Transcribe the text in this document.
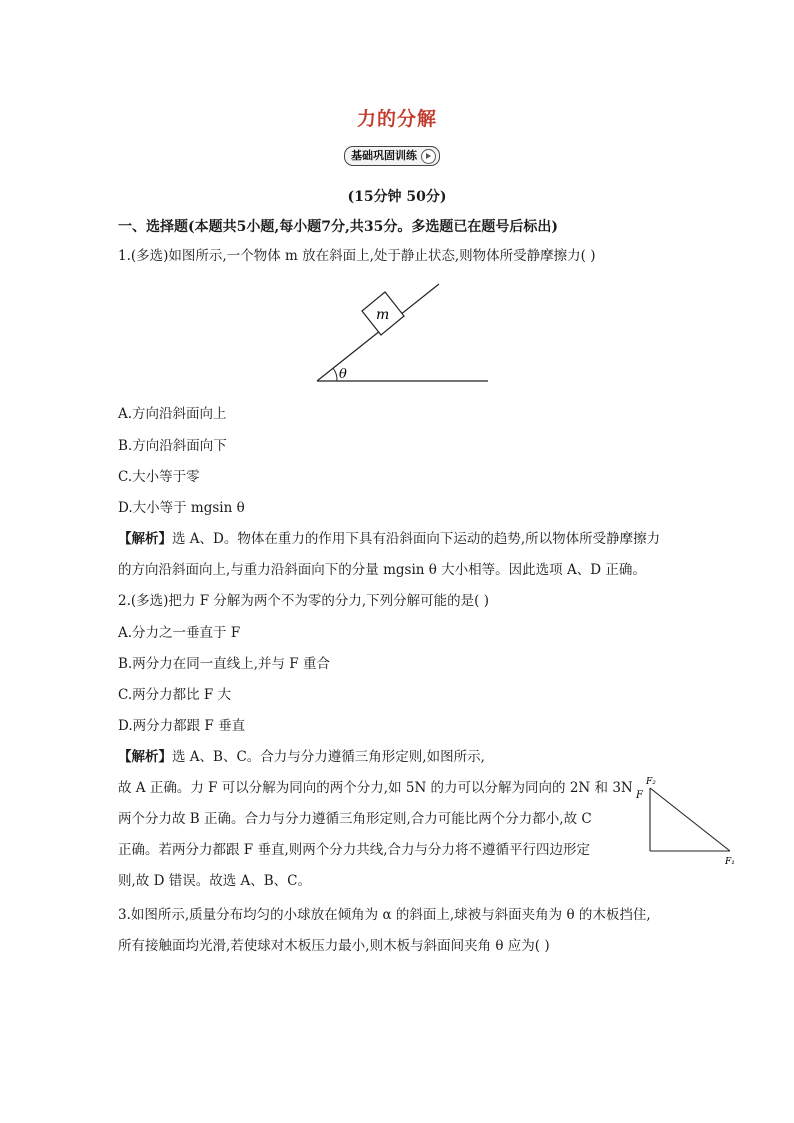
力的分解
基础巩固训练
(15分钟 50分)
一、选择题(本题共5小题,每小题7分,共35分。多选题已在题号后标出)
1.(多选)如图所示,一个物体 m 放在斜面上,处于静止状态,则物体所受静摩擦力( )
m
θ
A.方向沿斜面向上
B.方向沿斜面向下
C.大小等于零
D.大小等于 mgsin θ
【解析】选 A、D。物体在重力的作用下具有沿斜面向下运动的趋势,所以物体所受静摩擦力
的方向沿斜面向上,与重力沿斜面向下的分量 mgsin θ 大小相等。因此选项 A、D 正确。
2.(多选)把力 F 分解为两个不为零的分力,下列分解可能的是( )
A.分力之一垂直于 F
B.两分力在同一直线上,并与 F 重合
C.两分力都比 F 大
D.两分力都跟 F 垂直
【解析】选 A、B、C。合力与分力遵循三角形定则,如图所示,
故 A 正确。力 F 可以分解为同向的两个分力,如 5N 的力可以分解为同向的 2N 和 3N
两个分力故 B 正确。合力与分力遵循三角形定则,合力可能比两个分力都小,故 C
正确。若两分力都跟 F 垂直,则两个分力共线,合力与分力将不遵循平行四边形定
则,故 D 错误。故选 A、B、C。
F
F₂
F₁
3.如图所示,质量分布均匀的小球放在倾角为 α 的斜面上,球被与斜面夹角为 θ 的木板挡住,
所有接触面均光滑,若使球对木板压力最小,则木板与斜面间夹角 θ 应为( )
